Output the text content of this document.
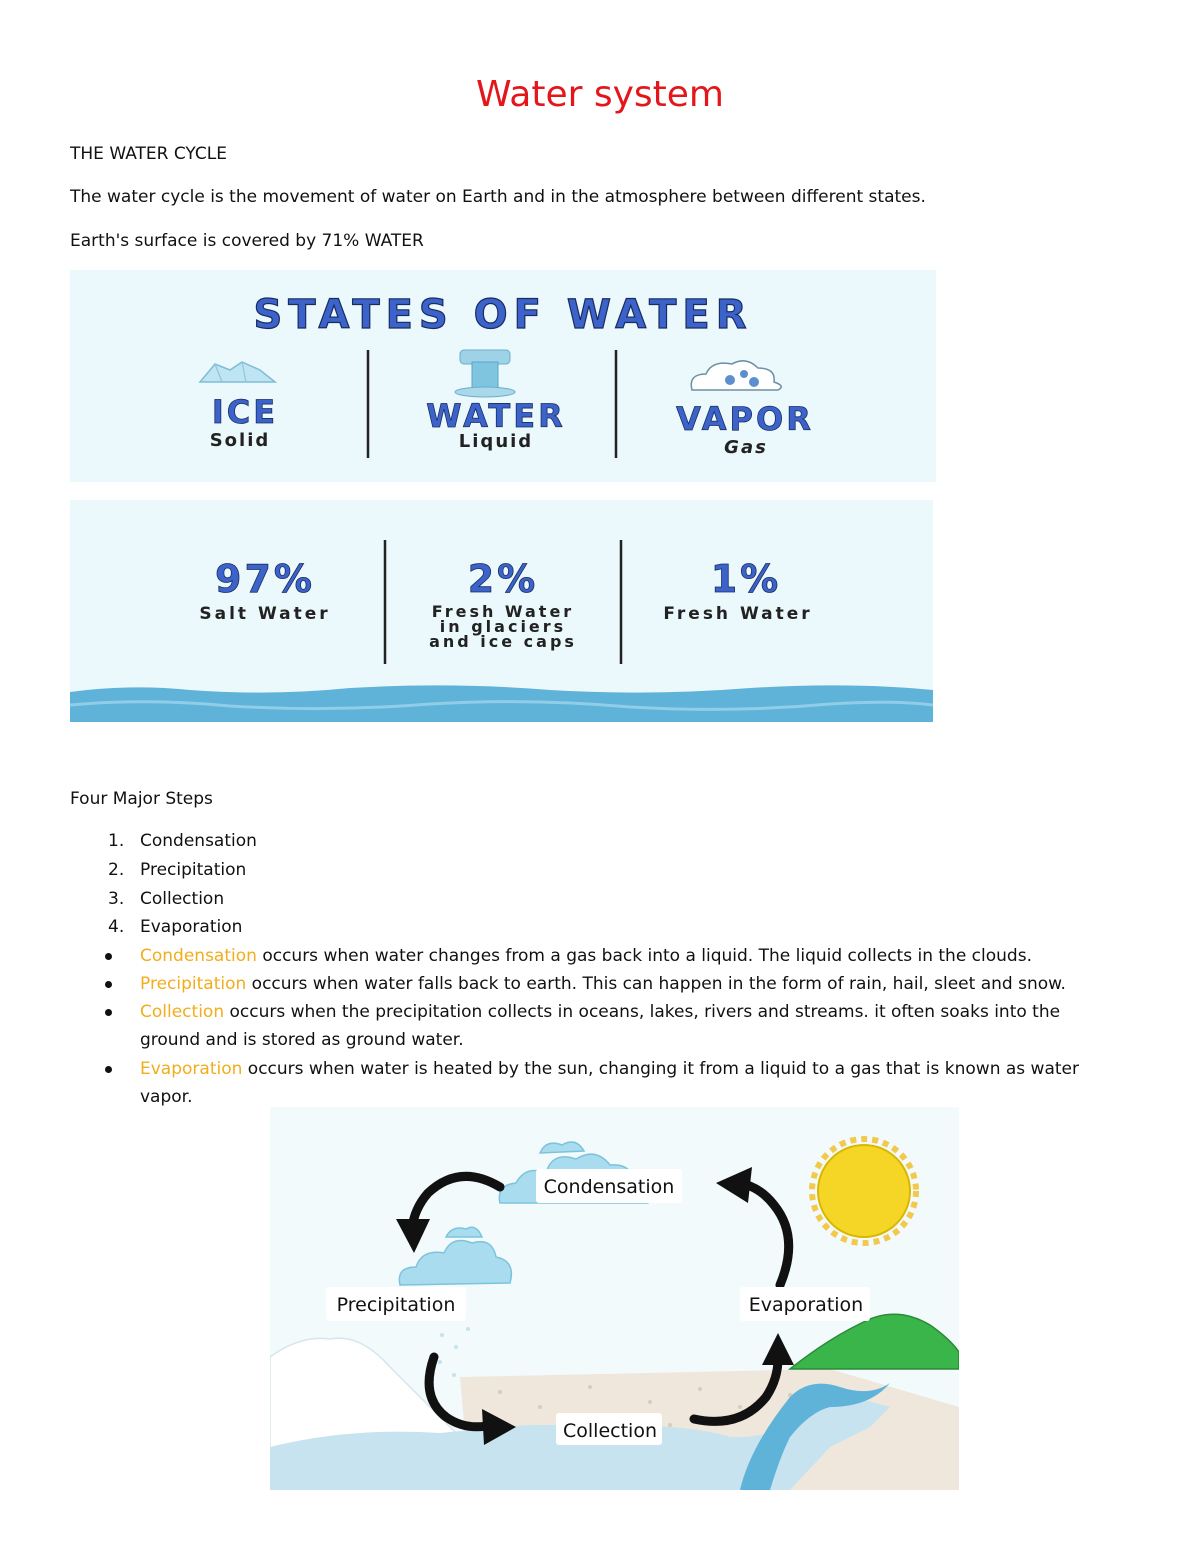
Water system
THE WATER CYCLE
The water cycle is the movement of water on Earth and in the atmosphere between different states.
Earth's surface is covered by 71% WATER
STATES OF WATER
ICE
Solid
WATER
Liquid
VAPOR
Gas
97%
Salt Water
2%
Fresh Water
in glaciers
and ice caps
1%
Fresh Water
Four Major Steps
1. Condensation
2. Precipitation
3. Collection
4. Evaporation
Condensation occurs when water changes from a gas back into a liquid. The liquid collects in the clouds.
Precipitation occurs when water falls back to earth. This can happen in the form of rain, hail, sleet and snow.
Collection occurs when the precipitation collects in oceans, lakes, rivers and streams. it often soaks into the ground and is stored as ground water.
Evaporation occurs when water is heated by the sun, changing it from a liquid to a gas that is known as water vapor.
Condensation
Precipitation	Evaporation
Collection
